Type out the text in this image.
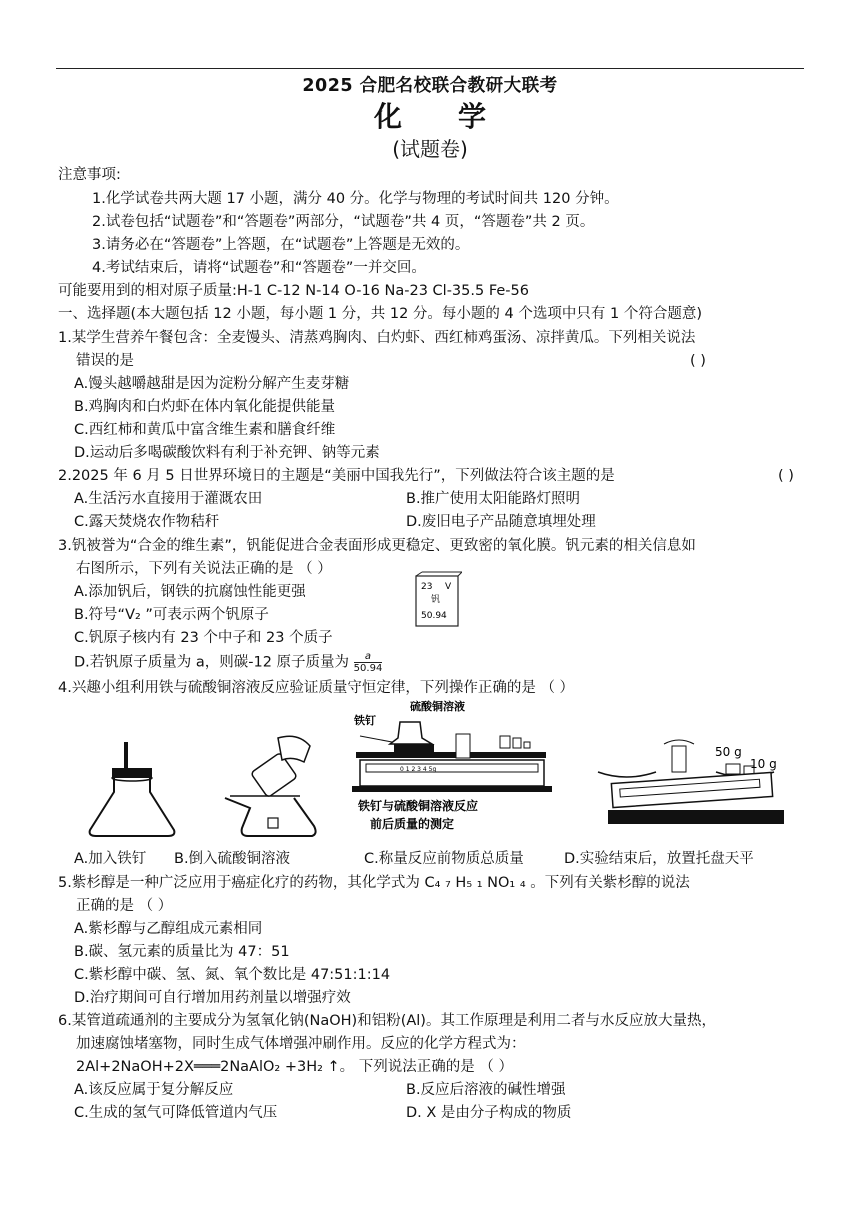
2025 合肥名校联合教研大联考
化　学
(试题卷)
注意事项:
1.化学试卷共两大题 17 小题，满分 40 分。化学与物理的考试时间共 120 分钟。
2.试卷包括“试题卷”和“答题卷”两部分，“试题卷”共 4 页，“答题卷”共 2 页。
3.请务必在“答题卷”上答题，在“试题卷”上答题是无效的。
4.考试结束后，请将“试题卷”和“答题卷”一并交回。
可能要用到的相对原子质量:H-1 C-12 N-14 O-16 Na-23 Cl-35.5 Fe-56
一、选择题(本大题包括 12 小题，每小题 1 分，共 12 分。每小题的 4 个选项中只有 1 个符合题意)
1.某学生营养午餐包含：全麦馒头、清蒸鸡胸肉、白灼虾、西红柿鸡蛋汤、凉拌黄瓜。下列相关说法
错误的是	( )
A.馒头越嚼越甜是因为淀粉分解产生麦芽糖
B.鸡胸肉和白灼虾在体内氧化能提供能量
C.西红柿和黄瓜中富含维生素和膳食纤维
D.运动后多喝碳酸饮料有利于补充钾、钠等元素
2.2025 年 6 月 5 日世界环境日的主题是“美丽中国我先行”，下列做法符合该主题的是	( )
A.生活污水直接用于灌溉农田	B.推广使用太阳能路灯照明
C.露天焚烧农作物秸秆	D.废旧电子产品随意填埋处理
3.钒被誉为“合金的维生素”，钒能促进合金表面形成更稳定、更致密的氧化膜。钒元素的相关信息如
右图所示，下列有关说法正确的是 （ ）
A.添加钒后，钢铁的抗腐蚀性能更强
B.符号“V₂ ”可表示两个钒原子
C.钒原子核内有 23 个中子和 23 个质子
D.若钒原子质量为 a，则碳-12 原子质量为 $\frac{a}{50.94}$
23 V
钒
50.94
4.兴趣小组利用铁与硫酸铜溶液反应验证质量守恒定律，下列操作正确的是 （ ）
铁钉
硫酸铜溶液
0 1 2 3 4 5g
铁钉与硫酸铜溶液反应
前后质量的测定
50 g
10 g
A.加入铁钉 B.倒入硫酸铜溶液	C.称量反应前物质总质量	D.实验结束后，放置托盘天平
5.紫杉醇是一种广泛应用于癌症化疗的药物，其化学式为 C₄ ₇ H₅ ₁ NO₁ ₄ 。下列有关紫杉醇的说法
正确的是 （ ）
A.紫杉醇与乙醇组成元素相同
B.碳、氢元素的质量比为 47：51
C.紫杉醇中碳、氢、氮、氧个数比是 47:51:1:14
D.治疗期间可自行增加用药剂量以增强疗效
6.某管道疏通剂的主要成分为氢氧化钠(NaOH)和铝粉(Al)。其工作原理是利用二者与水反应放大量热，
加速腐蚀堵塞物，同时生成气体增强冲刷作用。反应的化学方程式为：
2Al+2NaOH+2X═══2NaAlO₂ +3H₂ ↑。 下列说法正确的是 （ ）
A.该反应属于复分解反应	B.反应后溶液的碱性增强
C.生成的氢气可降低管道内气压	D. X 是由分子构成的物质
